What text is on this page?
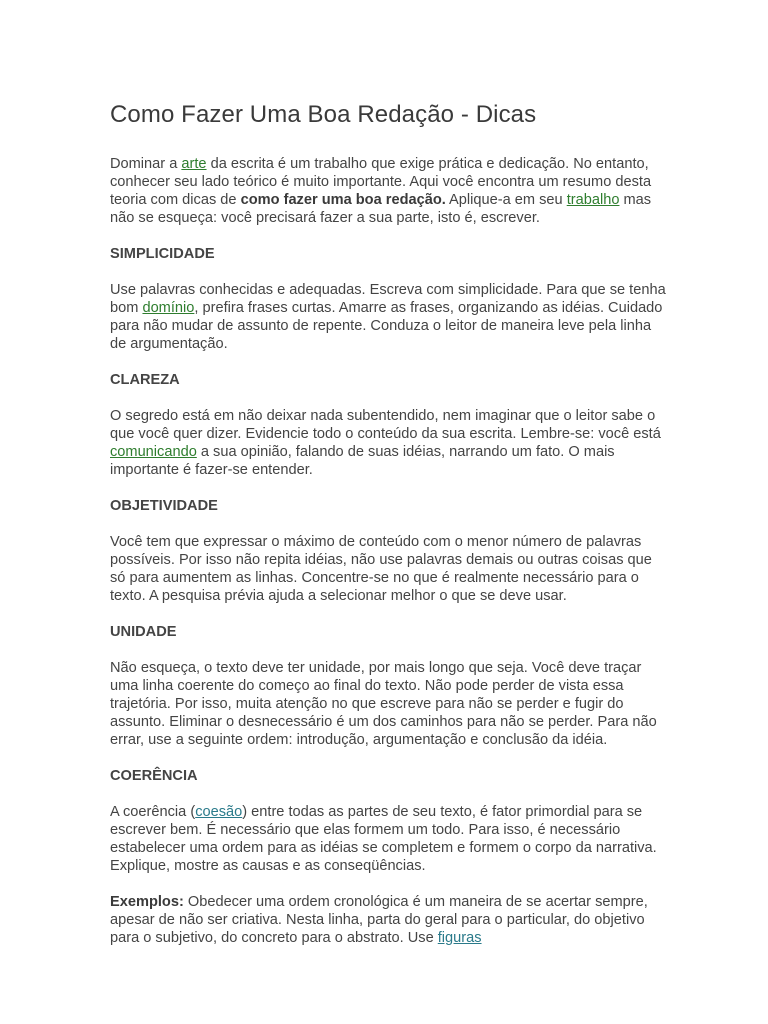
Como Fazer Uma Boa Redação - Dicas

Dominar a arte da escrita é um trabalho que exige prática e dedicação. No entanto, conhecer seu lado teórico é muito importante. Aqui você encontra um resumo desta teoria com dicas de como fazer uma boa redação. Aplique-a em seu trabalho mas não se esqueça: você precisará fazer a sua parte, isto é, escrever.

SIMPLICIDADE

Use palavras conhecidas e adequadas. Escreva com simplicidade. Para que se tenha bom domínio, prefira frases curtas. Amarre as frases, organizando as idéias. Cuidado para não mudar de assunto de repente. Conduza o leitor de maneira leve pela linha de argumentação.

CLAREZA

O segredo está em não deixar nada subentendido, nem imaginar que o leitor sabe o que você quer dizer. Evidencie todo o conteúdo da sua escrita. Lembre-se: você está comunicando a sua opinião, falando de suas idéias, narrando um fato. O mais importante é fazer-se entender.

OBJETIVIDADE

Você tem que expressar o máximo de conteúdo com o menor número de palavras possíveis. Por isso não repita idéias, não use palavras demais ou outras coisas que só para aumentem as linhas. Concentre-se no que é realmente necessário para o texto. A pesquisa prévia ajuda a selecionar melhor o que se deve usar.

UNIDADE

Não esqueça, o texto deve ter unidade, por mais longo que seja. Você deve traçar uma linha coerente do começo ao final do texto. Não pode perder de vista essa trajetória. Por isso, muita atenção no que escreve para não se perder e fugir do assunto. Eliminar o desnecessário é um dos caminhos para não se perder. Para não errar, use a seguinte ordem: introdução, argumentação e conclusão da idéia.

COERÊNCIA

A coerência (coesão) entre todas as partes de seu texto, é fator primordial para se escrever bem. É necessário que elas formem um todo. Para isso, é necessário estabelecer uma ordem para as idéias se completem e formem o corpo da narrativa. Explique, mostre as causas e as conseqüências.

Exemplos: Obedecer uma ordem cronológica é um maneira de se acertar sempre, apesar de não ser criativa. Nesta linha, parta do geral para o particular, do objetivo para o subjetivo, do concreto para o abstrato. Use figuras
